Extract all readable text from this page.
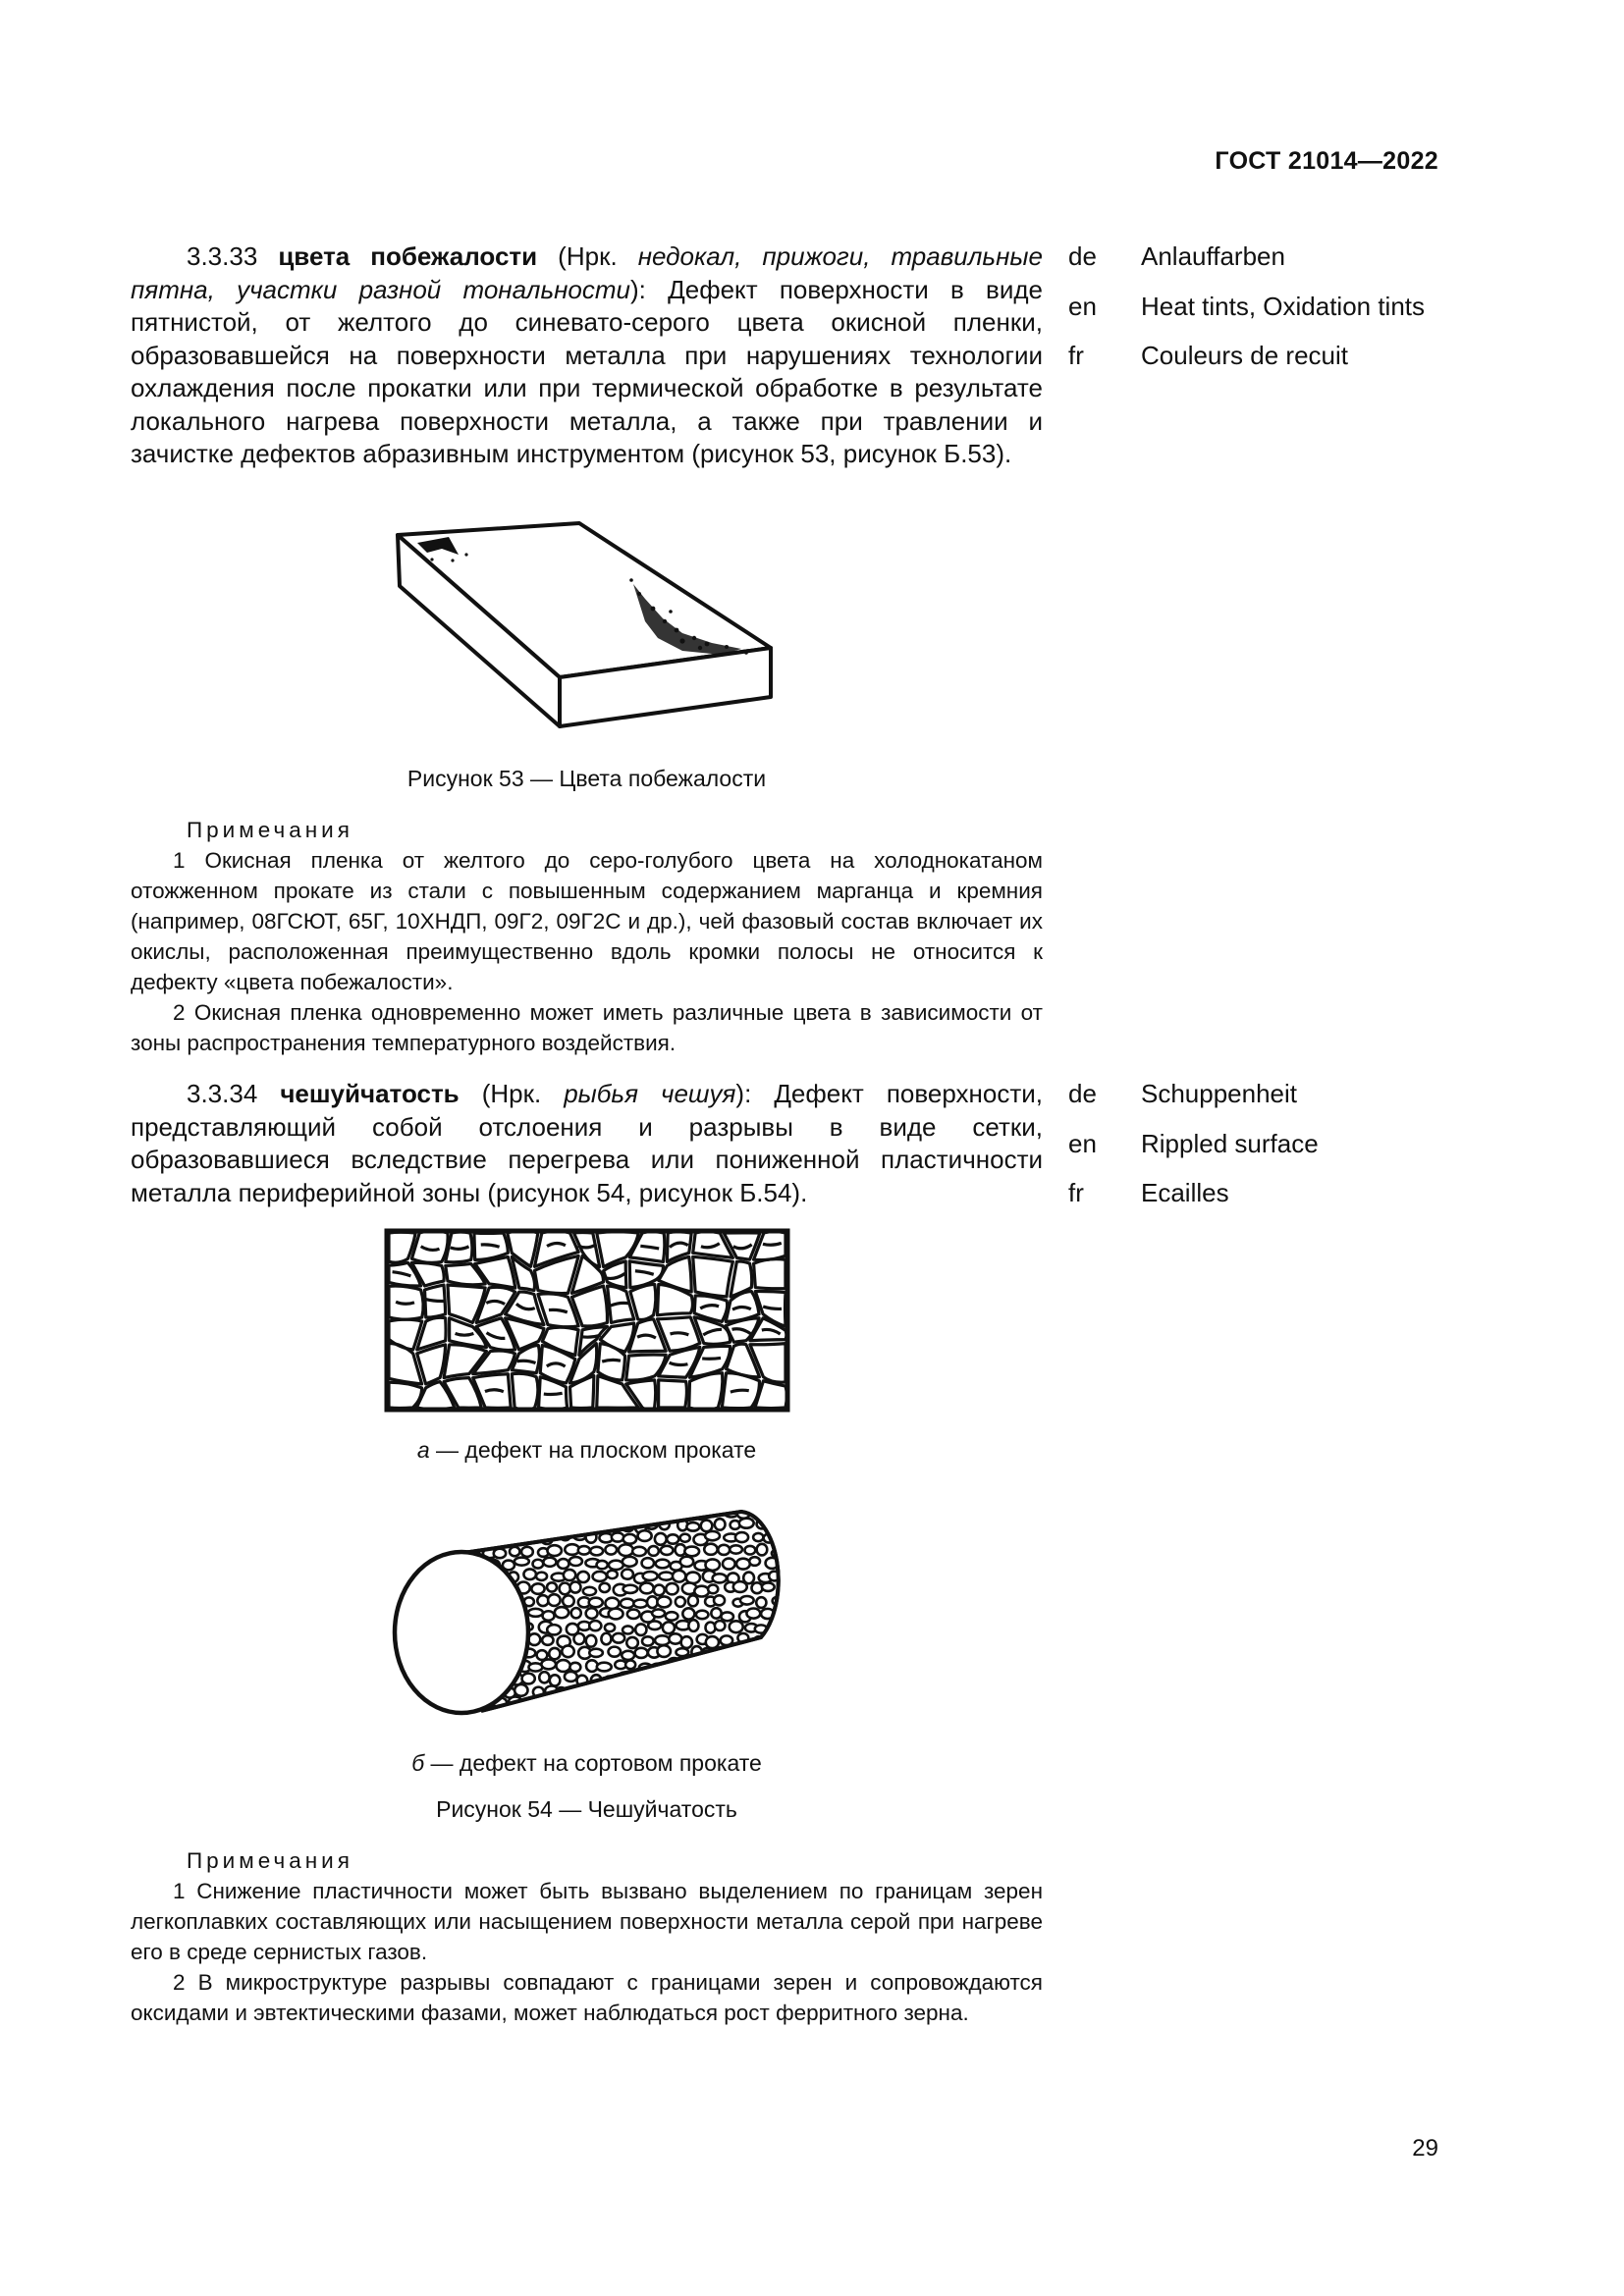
ГОСТ 21014—2022
3.3.33 цвета побежалости (Нрк. недокал, прижоги, травильные пятна, участки разной тональности): Дефект поверхности в виде пятнистой, от желтого до синевато-серого цвета окисной пленки, образовавшейся на поверхности металла при нарушениях технологии охлаждения после прокатки или при термической обработке в результате локального нагрева поверхности металла, а также при травлении и зачистке дефектов абразивным инструментом (рисунок 53, рисунок Б.53).
de	Anlauffarben
en	Heat tints, Oxidation tints
fr	Couleurs de recuit
Рисунок 53 — Цвета побежалости

Примечания

1 Окисная пленка от желтого до серо-голубого цвета на холоднокатаном отожженном прокате из стали с повышенным содержанием марганца и кремния (например, 08ГСЮТ, 65Г, 10ХНДП, 09Г2, 09Г2С и др.), чей фазовый состав включает их окислы, расположенная преимущественно вдоль кромки полосы не относится к дефекту «цвета побежалости».

2 Окисная пленка одновременно может иметь различные цвета в зависимости от зоны распространения температурного воздействия.

3.3.34 чешуйчатость (Нрк. рыбья чешуя): Дефект поверхности, представляющий собой отслоения и разрывы в виде сетки, образовавшиеся вследствие перегрева или пониженной пластичности металла периферийной зоны (рисунок 54, рисунок Б.54).
de	Schuppenheit
en	Rippled surface
fr	Ecailles
а — дефект на плоском прокате
б — дефект на сортовом прокате
Рисунок 54 — Чешуйчатость

Примечания

1 Снижение пластичности может быть вызвано выделением по границам зерен легкоплавких составляющих или насыщением поверхности металла серой при нагреве его в среде сернистых газов.

2 В микроструктуре разрывы совпадают с границами зерен и сопровождаются оксидами и эвтектическими фазами, может наблюдаться рост ферритного зерна.

29
